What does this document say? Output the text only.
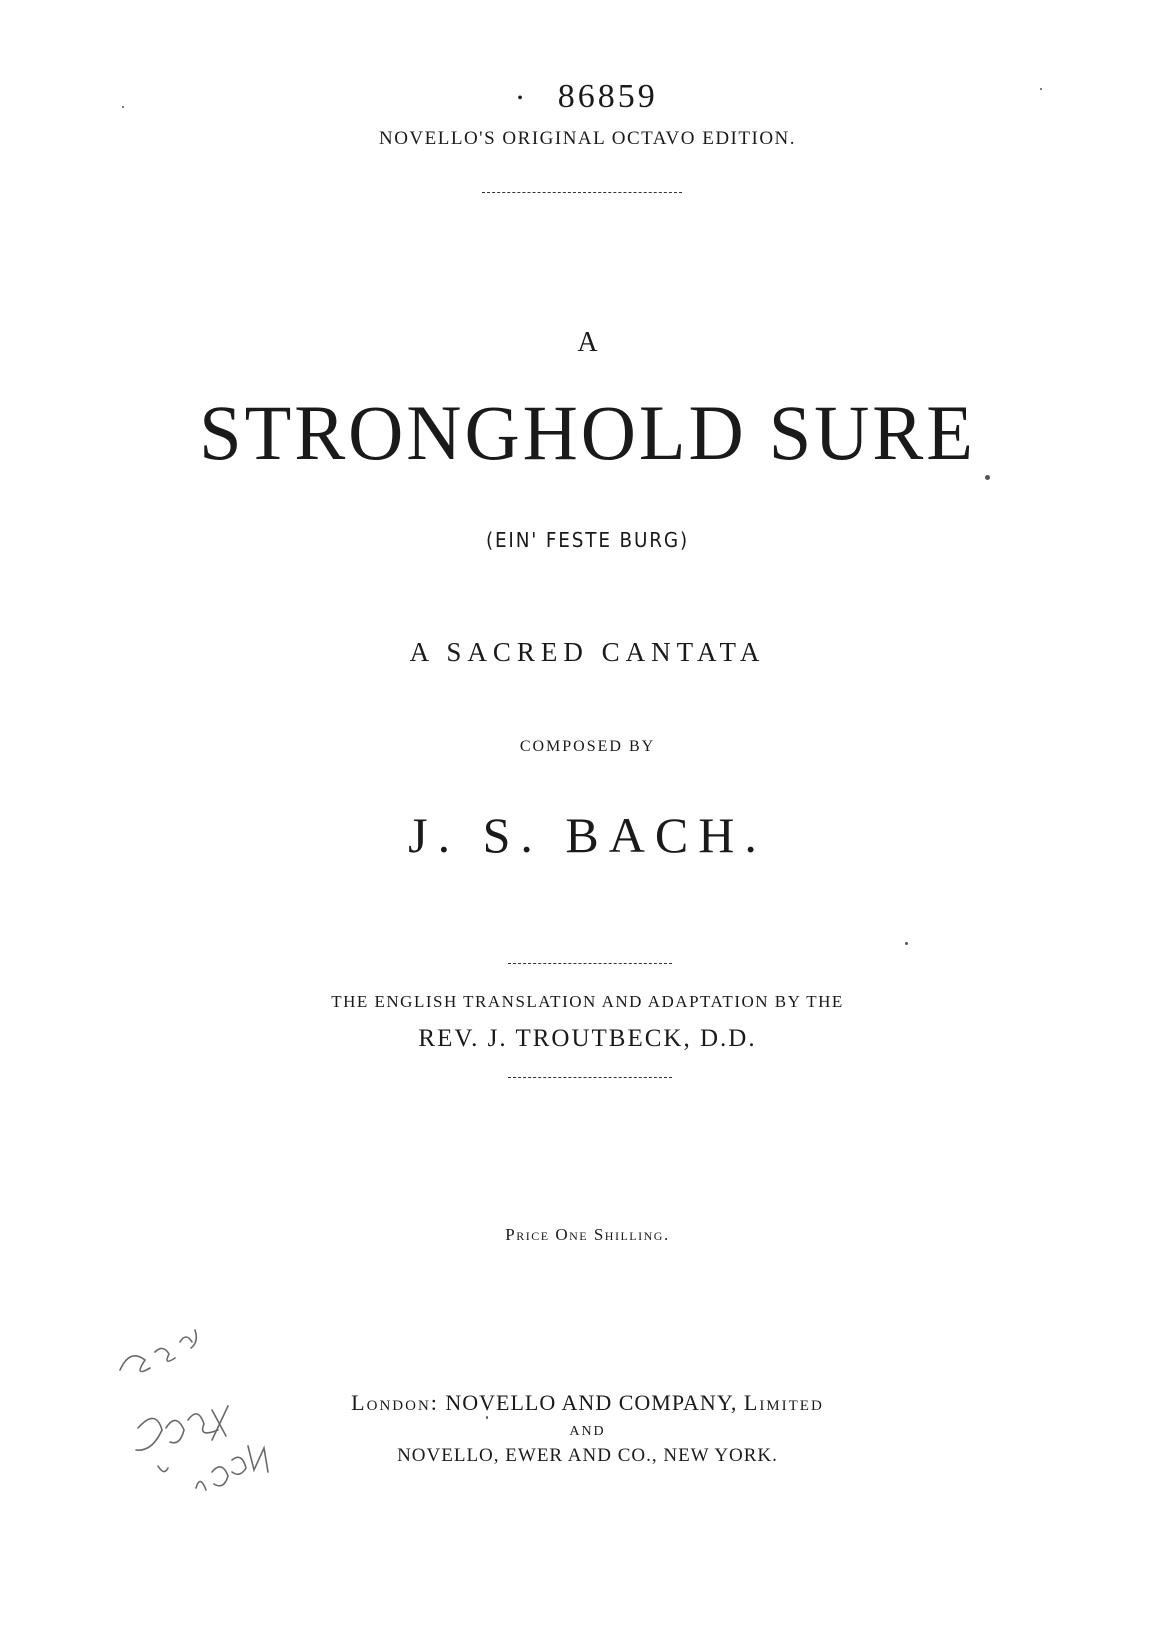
• 86859
NOVELLO'S ORIGINAL OCTAVO EDITION.
A
STRONGHOLD SURE
(EIN' FESTE BURG)
A SACRED CANTATA
COMPOSED BY
J. S. BACH.
THE ENGLISH TRANSLATION AND ADAPTATION BY THE
REV. J. TROUTBECK, D.D.
Price One Shilling.
London: NOVELLO AND COMPANY, Limited
AND
NOVELLO, EWER AND CO., NEW YORK.
